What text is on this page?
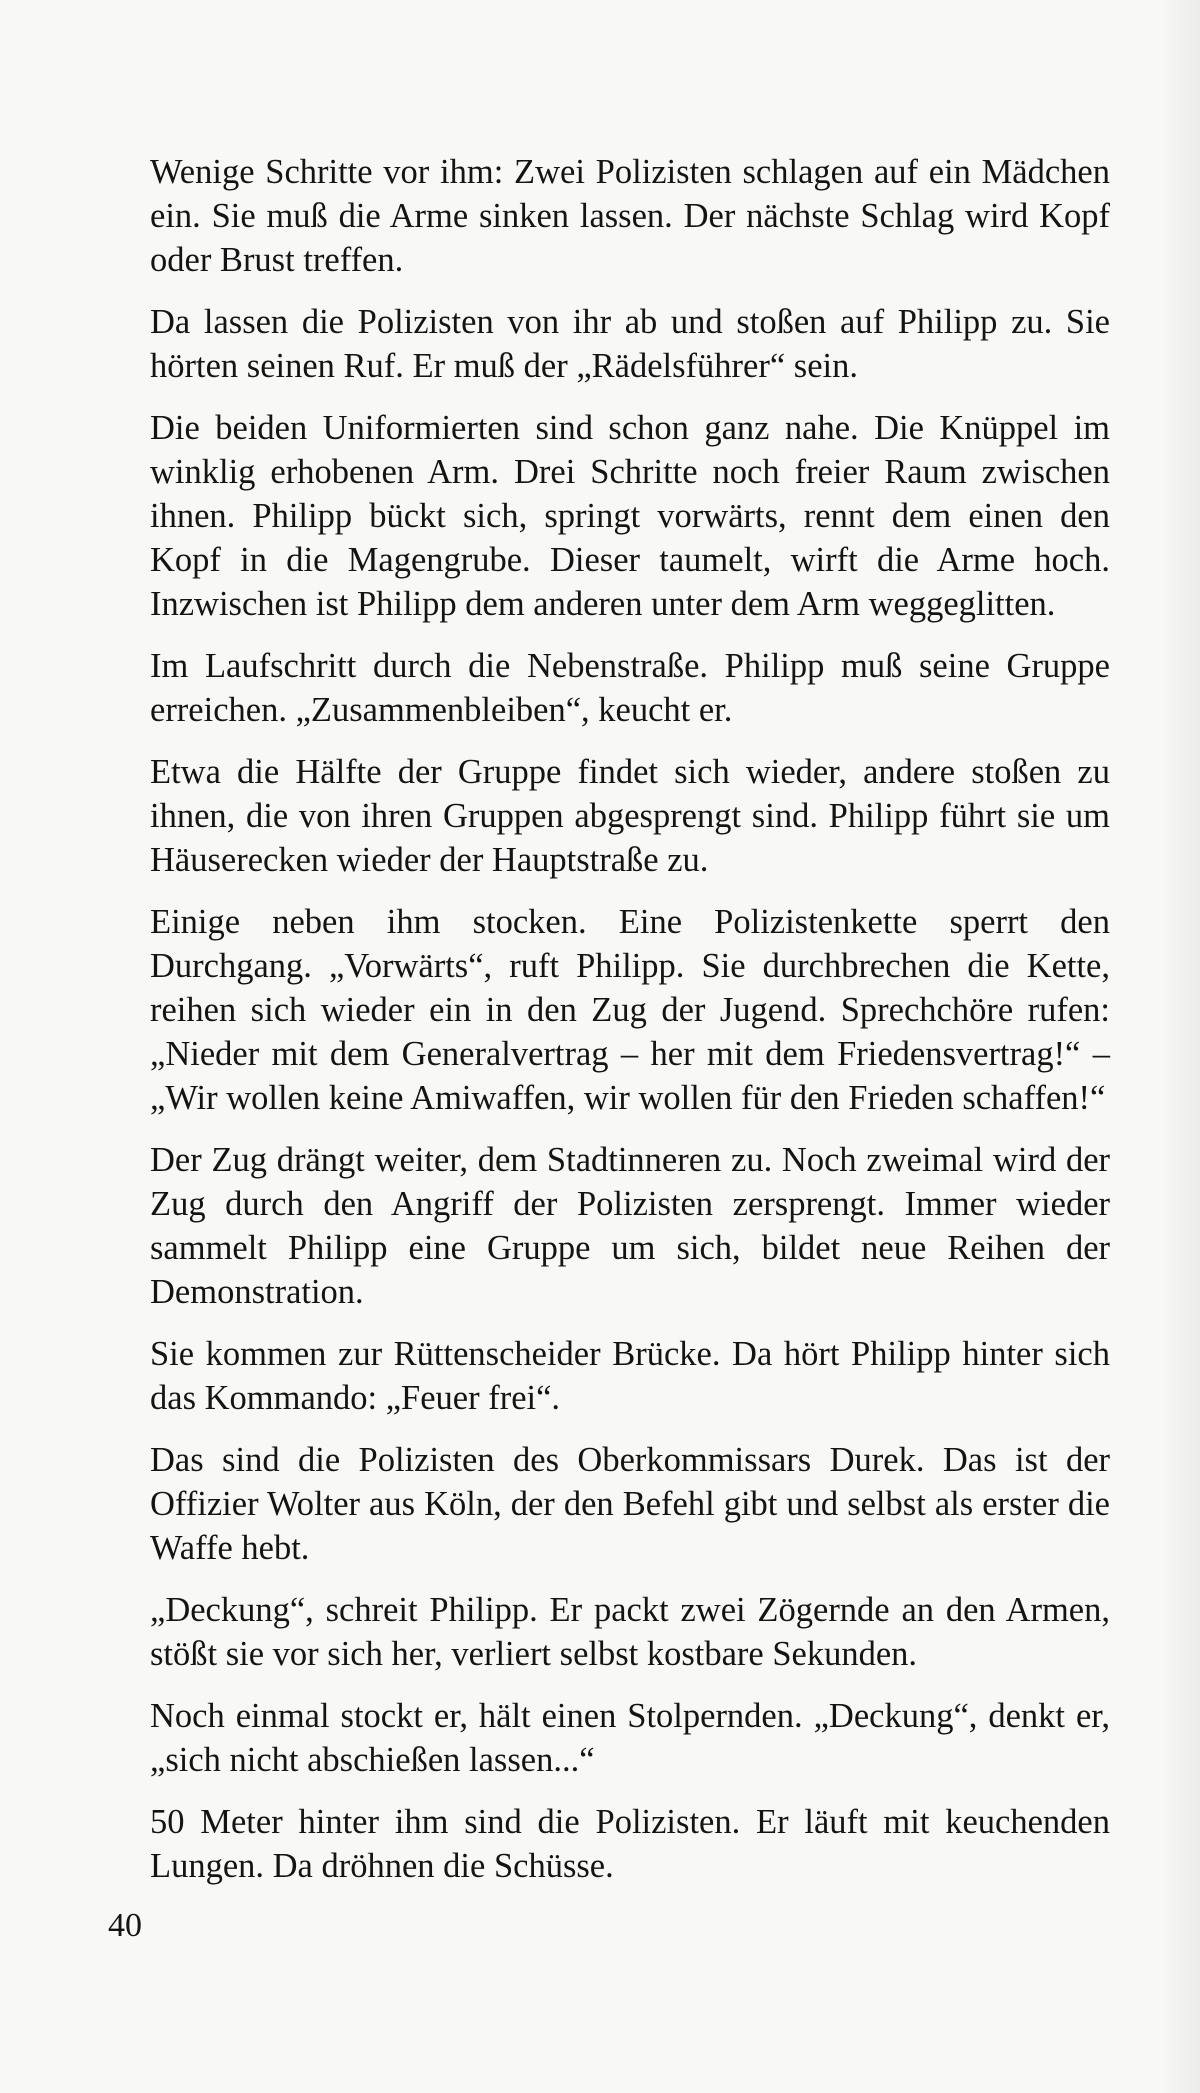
Wenige Schritte vor ihm: Zwei Polizisten schlagen auf ein Mädchen ein. Sie muß die Arme sinken lassen. Der nächste Schlag wird Kopf oder Brust treffen.

Da lassen die Polizisten von ihr ab und stoßen auf Philipp zu. Sie hörten seinen Ruf. Er muß der „Rädelsführer“ sein.

Die beiden Uniformierten sind schon ganz nahe. Die Knüppel im winklig erhobenen Arm. Drei Schritte noch freier Raum zwischen ihnen. Philipp bückt sich, springt vorwärts, rennt dem einen den Kopf in die Magengrube. Dieser taumelt, wirft die Arme hoch. Inzwischen ist Philipp dem anderen unter dem Arm weggeglitten.

Im Laufschritt durch die Nebenstraße. Philipp muß seine Gruppe erreichen. „Zusammenbleiben“, keucht er.

Etwa die Hälfte der Gruppe findet sich wieder, andere stoßen zu ihnen, die von ihren Gruppen abgesprengt sind. Philipp führt sie um Häuserecken wieder der Hauptstraße zu.

Einige neben ihm stocken. Eine Polizistenkette sperrt den Durchgang. „Vorwärts“, ruft Philipp. Sie durchbrechen die Kette, reihen sich wieder ein in den Zug der Jugend. Sprechchöre rufen: „Nieder mit dem Generalvertrag – her mit dem Friedensvertrag!“ – „Wir wollen keine Amiwaffen, wir wollen für den Frieden schaffen!“

Der Zug drängt weiter, dem Stadtinneren zu. Noch zweimal wird der Zug durch den Angriff der Polizisten zersprengt. Immer wieder sammelt Philipp eine Gruppe um sich, bildet neue Reihen der Demonstration.

Sie kommen zur Rüttenscheider Brücke. Da hört Philipp hinter sich das Kommando: „Feuer frei“.

Das sind die Polizisten des Oberkommissars Durek. Das ist der Offizier Wolter aus Köln, der den Befehl gibt und selbst als erster die Waffe hebt.

„Deckung“, schreit Philipp. Er packt zwei Zögernde an den Armen, stößt sie vor sich her, verliert selbst kostbare Sekunden.

Noch einmal stockt er, hält einen Stolpernden. „Deckung“, denkt er, „sich nicht abschießen lassen...“

50 Meter hinter ihm sind die Polizisten. Er läuft mit keuchenden Lungen. Da dröhnen die Schüsse.

40
